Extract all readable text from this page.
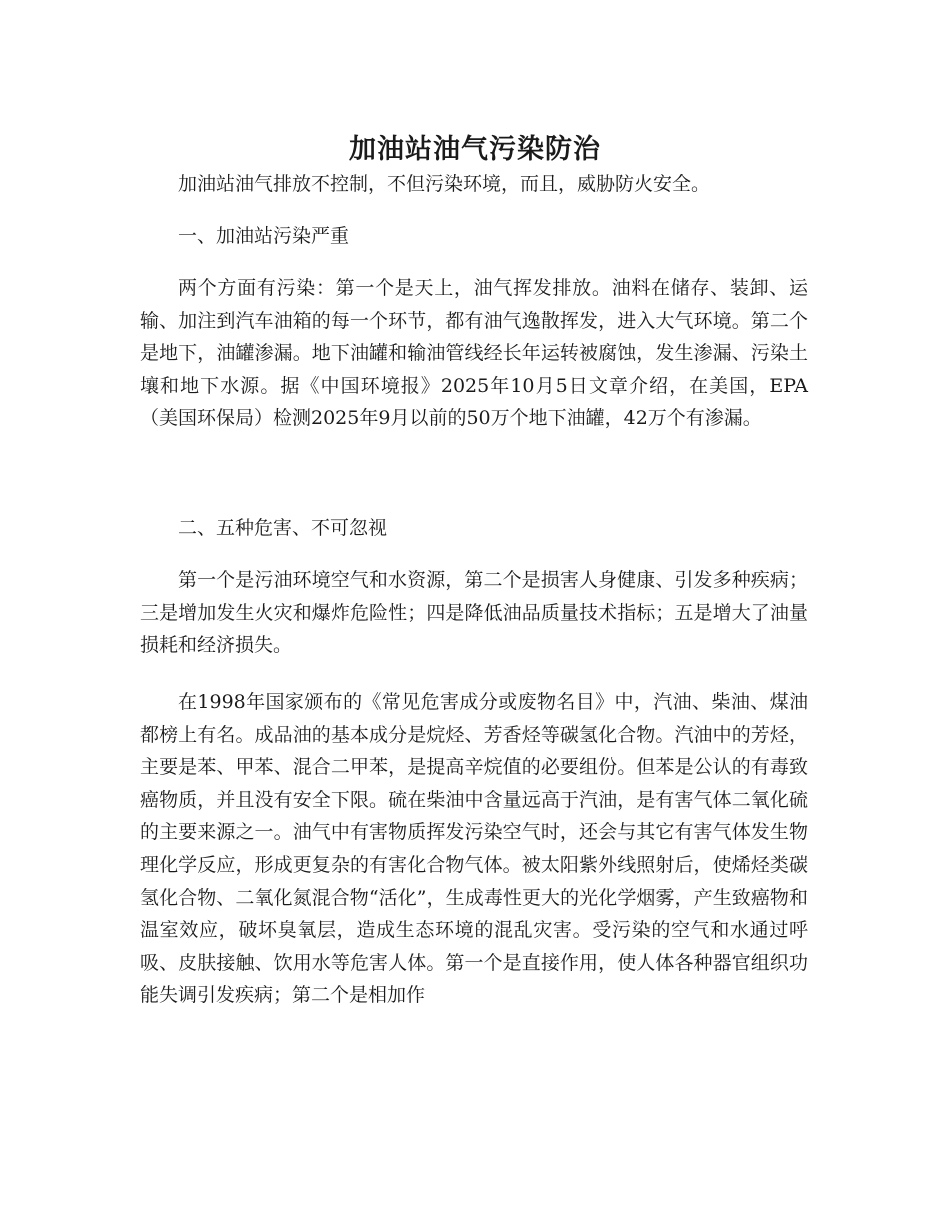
加油站油气污染防治

加油站油气排放不控制，不但污染环境，而且，威胁防火安全。

一、加油站污染严重

两个方面有污染：第一个是天上，油气挥发排放。油料在储存、装卸、运输、加注到汽车油箱的每一个环节，都有油气逸散挥发，进入大气环境。第二个是地下，油罐渗漏。地下油罐和输油管线经长年运转被腐蚀，发生渗漏、污染土壤和地下水源。据《中国环境报》2025年10月5日文章介绍，在美国，EPA（美国环保局）检测2025年9月以前的50万个地下油罐，42万个有渗漏。

二、五种危害、不可忽视

第一个是污油环境空气和水资源，第二个是损害人身健康、引发多种疾病；三是增加发生火灾和爆炸危险性；四是降低油品质量技术指标；五是增大了油量损耗和经济损失。

在1998年国家颁布的《常见危害成分或废物名目》中，汽油、柴油、煤油都榜上有名。成品油的基本成分是烷烃、芳香烃等碳氢化合物。汽油中的芳烃，主要是苯、甲苯、混合二甲苯，是提高辛烷值的必要组份。但苯是公认的有毒致癌物质，并且没有安全下限。硫在柴油中含量远高于汽油，是有害气体二氧化硫的主要来源之一。油气中有害物质挥发污染空气时，还会与其它有害气体发生物理化学反应，形成更复杂的有害化合物气体。被太阳紫外线照射后，使烯烃类碳氢化合物、二氧化氮混合物“活化”，生成毒性更大的光化学烟雾，产生致癌物和温室效应，破坏臭氧层，造成生态环境的混乱灾害。受污染的空气和水通过呼吸、皮肤接触、饮用水等危害人体。第一个是直接作用，使人体各种器官组织功能失调引发疾病；第二个是相加作
